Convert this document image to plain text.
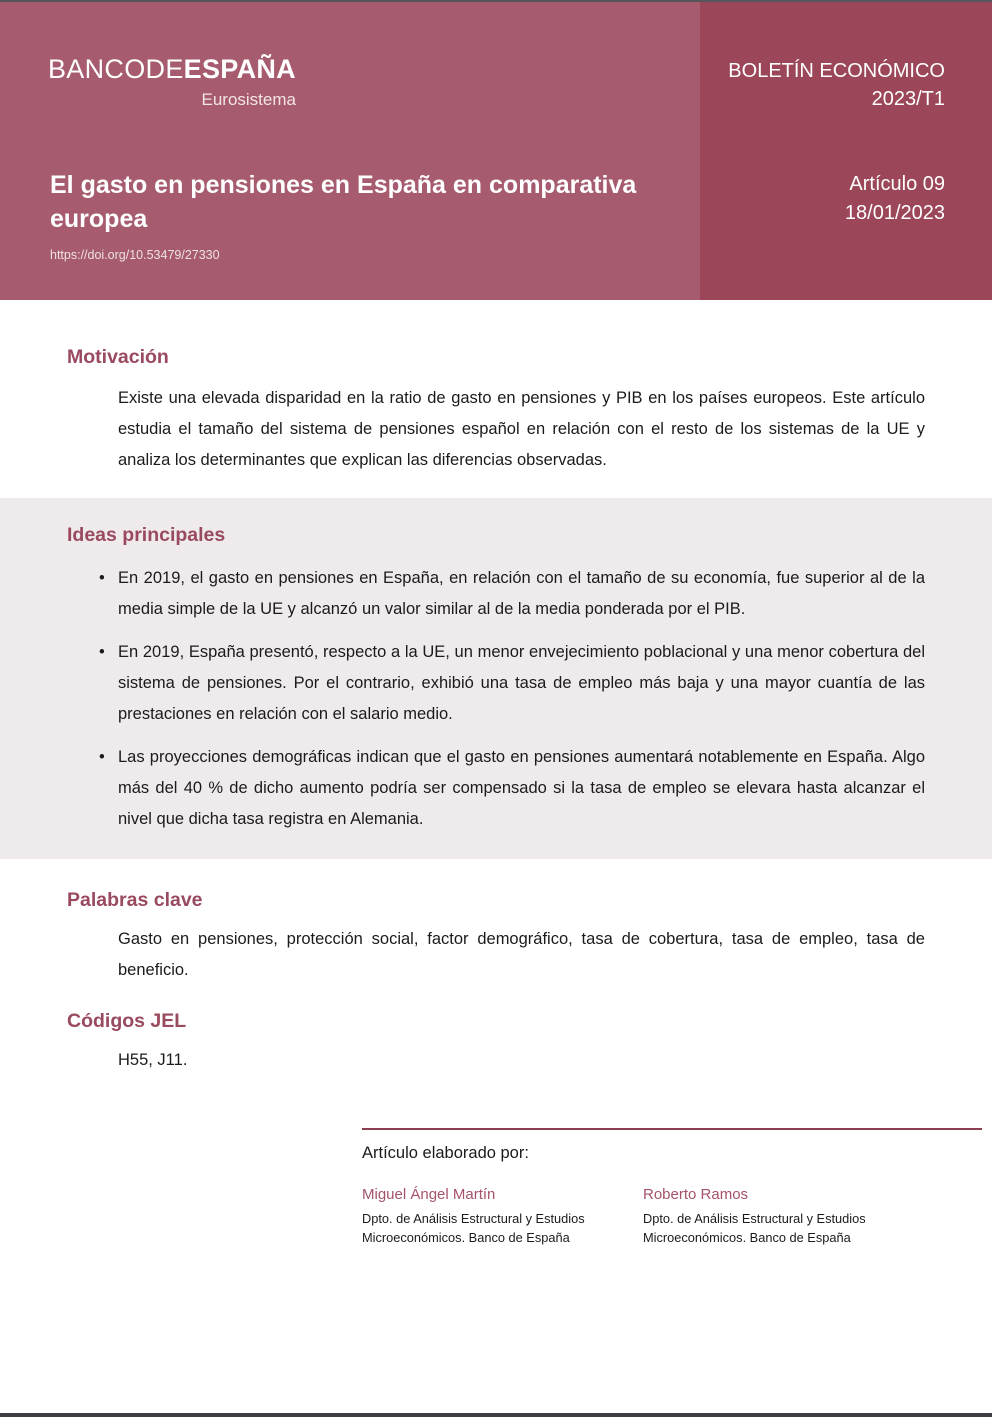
BANCODEESPAÑA
Eurosistema
BOLETÍN ECONÓMICO
2023/T1
El gasto en pensiones en España en comparativa europea
https://doi.org/10.53479/27330
Artículo 09
18/01/2023
Motivación

Existe una elevada disparidad en la ratio de gasto en pensiones y PIB en los países europeos. Este artículo estudia el tamaño del sistema de pensiones español en relación con el resto de los sistemas de la UE y analiza los determinantes que explican las diferencias observadas.

Ideas principales
• En 2019, el gasto en pensiones en España, en relación con el tamaño de su economía, fue superior al de la media simple de la UE y alcanzó un valor similar al de la media ponderada por el PIB.
• En 2019, España presentó, respecto a la UE, un menor envejecimiento poblacional y una menor cobertura del sistema de pensiones. Por el contrario, exhibió una tasa de empleo más baja y una mayor cuantía de las prestaciones en relación con el salario medio.
• Las proyecciones demográficas indican que el gasto en pensiones aumentará notablemente en España. Algo más del 40 % de dicho aumento podría ser compensado si la tasa de empleo se elevara hasta alcanzar el nivel que dicha tasa registra en Alemania.
Palabras clave

Gasto en pensiones, protección social, factor demográfico, tasa de cobertura, tasa de empleo, tasa de beneficio.

Códigos JEL

H55, J11.

Artículo elaborado por:
Miguel Ángel Martín
Dpto. de Análisis Estructural y Estudios
Microeconómicos. Banco de España
Roberto Ramos
Dpto. de Análisis Estructural y Estudios
Microeconómicos. Banco de España
